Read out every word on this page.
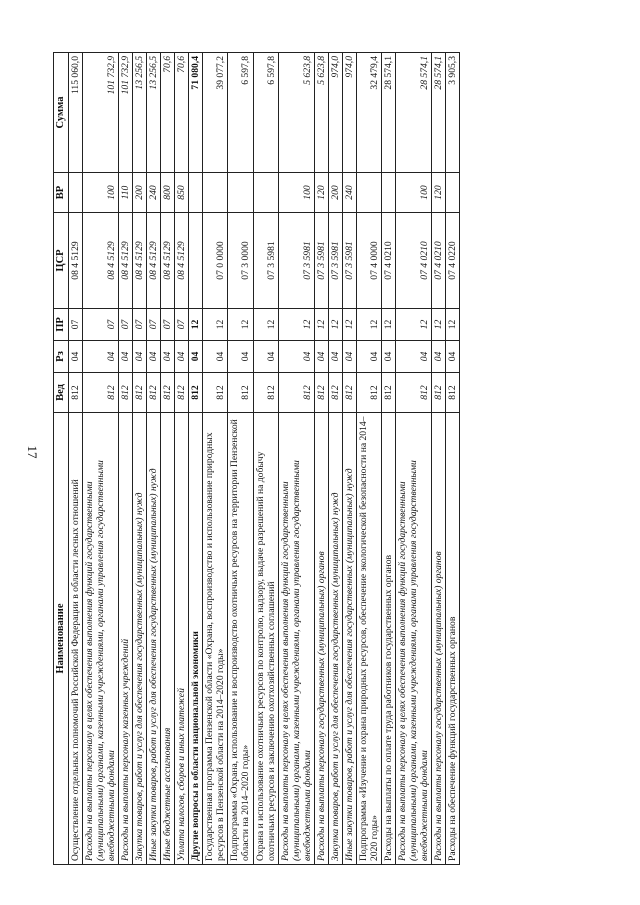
17
Наименование	Вед	Рз	ПР	ЦСР	ВР	Сумма
Осуществление отдельных полномочий Российской Федерации в области лесных отношений	812	04	07	08 4 5129		115 060,0
Расходы на выплаты персоналу в целях обеспечения выполнения функций государственными (муниципальными) органами, казенными учреждениями, органами управления государственными внебюджетными фондами	812	04	07	08 4 5129	100	101 732,9
Расходы на выплаты персоналу казенных учреждений	812	04	07	08 4 5129	110	101 732,9
Закупка товаров, работ и услуг для обеспечения государственных (муниципальных) нужд	812	04	07	08 4 5129	200	13 256,5
Иные закупки товаров, работ и услуг для обеспечения государственных (муниципальных) нужд	812	04	07	08 4 5129	240	13 256,5
Иные бюджетные ассигнования	812	04	07	08 4 5129	800	70,6
Уплата налогов, сборов и иных платежей	812	04	07	08 4 5129	850	70,6
Другие вопросы в области национальной экономики	812	04	12			71 080,4
Государственная программа Пензенской области «Охрана, воспроизводство и использование природных ресурсов в Пензенской области на 2014–2020 годы»	812	04	12	07 0 0000		39 077,2
Подпрограмма «Охрана, использование и воспроизводство охотничьих ресурсов на территории Пензенской области на 2014–2020 годы»	812	04	12	07 3 0000		6 597,8
Охрана и использование охотничьих ресурсов по контролю, надзору, выдаче разрешений на добычу охотничьих ресурсов и заключению охотхозяйственных соглашений	812	04	12	07 3 5981		6 597,8
Расходы на выплаты персоналу в целях обеспечения выполнения функций государственными (муниципальными) органами, казенными учреждениями, органами управления государственными внебюджетными фондами	812	04	12	07 3 5981	100	5 623,8
Расходы на выплаты персоналу государственных (муниципальных) органов	812	04	12	07 3 5981	120	5 623,8
Закупка товаров, работ и услуг для обеспечения государственных (муниципальных) нужд	812	04	12	07 3 5981	200	974,0
Иные закупки товаров, работ и услуг для обеспечения государственных (муниципальных) нужд	812	04	12	07 3 5981	240	974,0
Подпрограмма «Изучение и охрана природных ресурсов, обеспечение экологической безопасности на 2014–2020 годы»	812	04	12	07 4 0000		32 479,4
Расходы на выплаты по оплате труда работников государственных органов	812	04	12	07 4 0210		28 574,1
Расходы на выплаты персоналу в целях обеспечения выполнения функций государственными (муниципальными) органами, казенными учреждениями, органами управления государственными внебюджетными фондами	812	04	12	07 4 0210	100	28 574,1
Расходы на выплаты персоналу государственных (муниципальных) органов	812	04	12	07 4 0210	120	28 574,1
Расходы на обеспечение функций государственных органов	812	04	12	07 4 0220		3 905,3
